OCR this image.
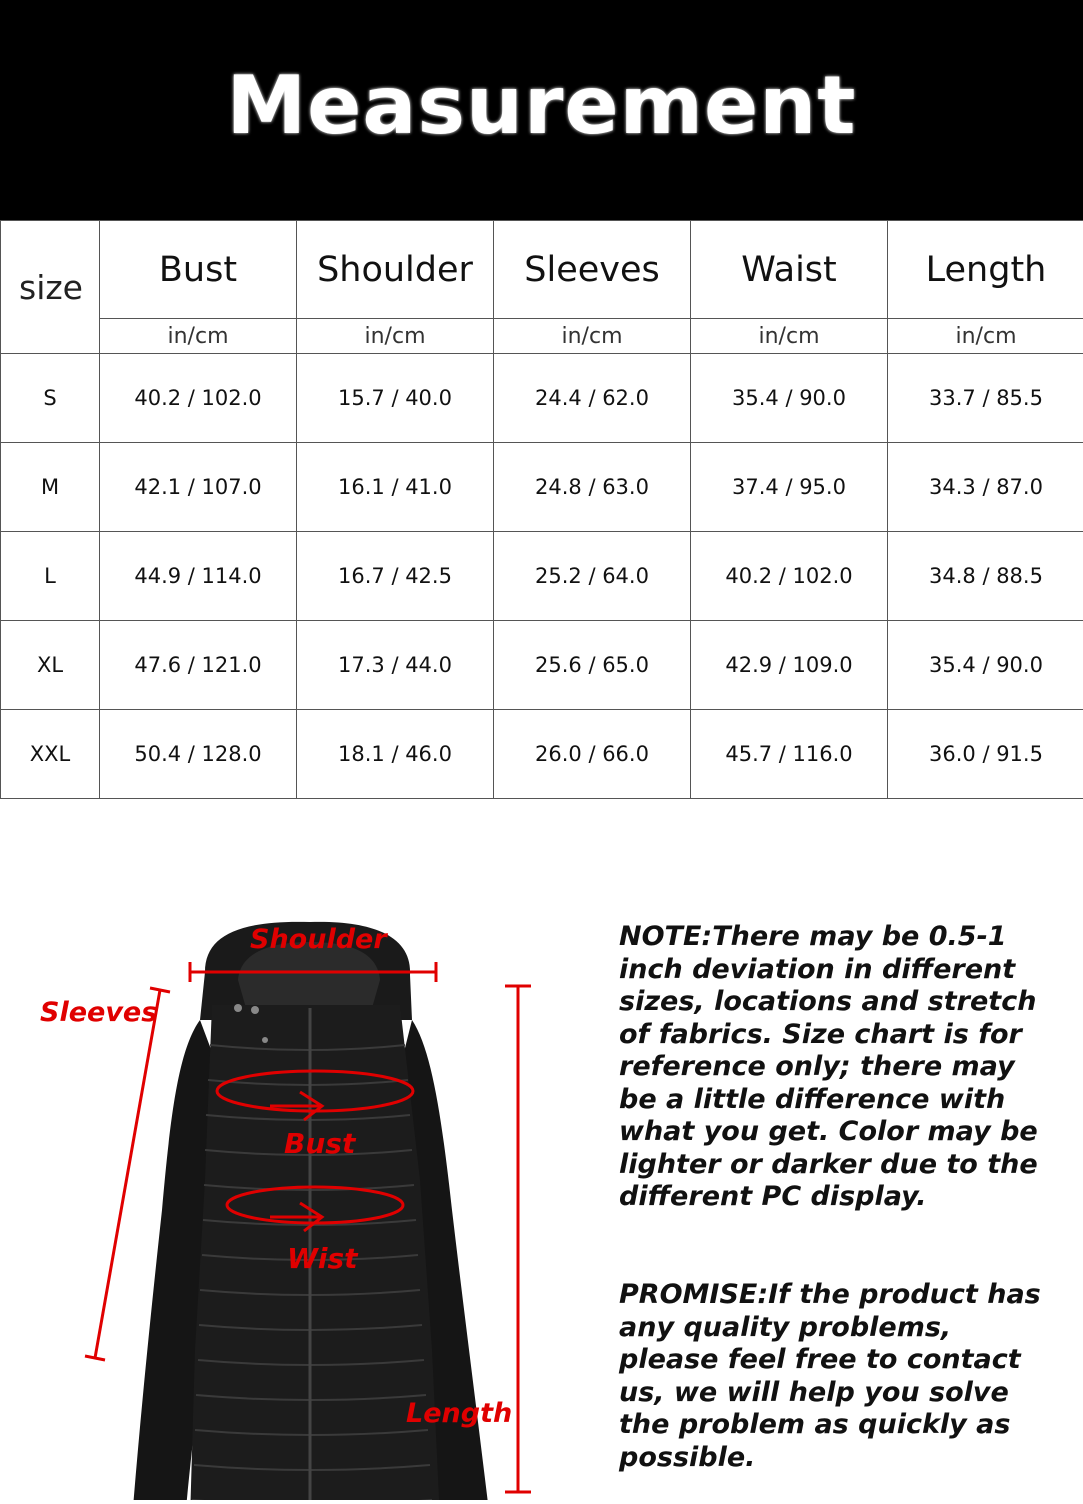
Measurement
size	Bust	Shoulder	Sleeves	Waist	Length
	in/cm	in/cm	in/cm	in/cm	in/cm
S	40.2 / 102.0	15.7 / 40.0	24.4 / 62.0	35.4 / 90.0	33.7 / 85.5
M	42.1 / 107.0	16.1 / 41.0	24.8 / 63.0	37.4 / 95.0	34.3 / 87.0
L	44.9 / 114.0	16.7 / 42.5	25.2 / 64.0	40.2 / 102.0	34.8 / 88.5
XL	47.6 / 121.0	17.3 / 44.0	25.6 / 65.0	42.9 / 109.0	35.4 / 90.0
XXL	50.4 / 128.0	18.1 / 46.0	26.0 / 66.0	45.7 / 116.0	36.0 / 91.5
Shoulder
Sleeves
Bust
Wist
Length

NOTE:There may be 0.5-1 inch deviation in different sizes, locations and stretch of fabrics. Size chart is for reference only; there may be a little difference with what you get. Color may be lighter or darker due to the different PC display.

PROMISE:If the product has any quality problems, please feel free to contact us, we will help you solve the problem as quickly as possible.
